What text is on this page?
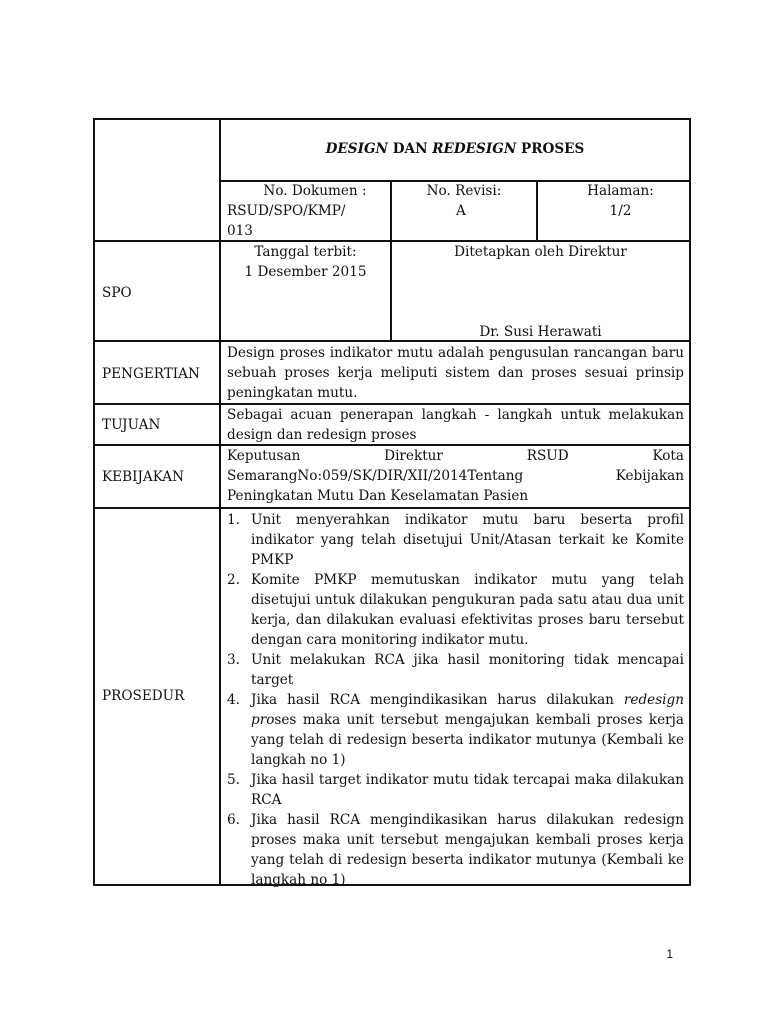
DESIGN DAN REDESIGN PROSES
No. Dokumen :
RSUD/SPO/KMP/ 013
No. Revisi:
A
Halaman:
1/2
SPO
Tanggal terbit:
1 Desember 2015
Ditetapkan oleh Direktur
Dr. Susi Herawati
PENGERTIAN
Design proses indikator mutu adalah pengusulan rancangan baru sebuah proses kerja meliputi sistem dan proses sesuai prinsip peningkatan mutu.
TUJUAN
Sebagai acuan penerapan langkah - langkah untuk melakukan design dan redesign proses
KEBIJAKAN
Keputusan Direktur RSUD Kota
SemarangNo:059/SK/DIR/XII/2014Tentang Kebijakan
Peningkatan Mutu Dan Keselamatan Pasien
PROSEDUR
1. Unit menyerahkan indikator mutu baru beserta profil indikator yang telah disetujui Unit/Atasan terkait ke Komite PMKP
2. Komite PMKP memutuskan indikator mutu yang telah disetujui untuk dilakukan pengukuran pada satu atau dua unit kerja, dan dilakukan evaluasi efektivitas proses baru tersebut dengan cara monitoring indikator mutu.
3. Unit melakukan RCA jika hasil monitoring tidak mencapai target
4. Jika hasil RCA mengindikasikan harus dilakukan redesign proses maka unit tersebut mengajukan kembali proses kerja yang telah di redesign beserta indikator mutunya (Kembali ke langkah no 1)
5. Jika hasil target indikator mutu tidak tercapai maka dilakukan RCA
6. Jika hasil RCA mengindikasikan harus dilakukan redesign proses maka unit tersebut mengajukan kembali proses kerja yang telah di redesign beserta indikator mutunya (Kembali ke langkah no 1)
1
